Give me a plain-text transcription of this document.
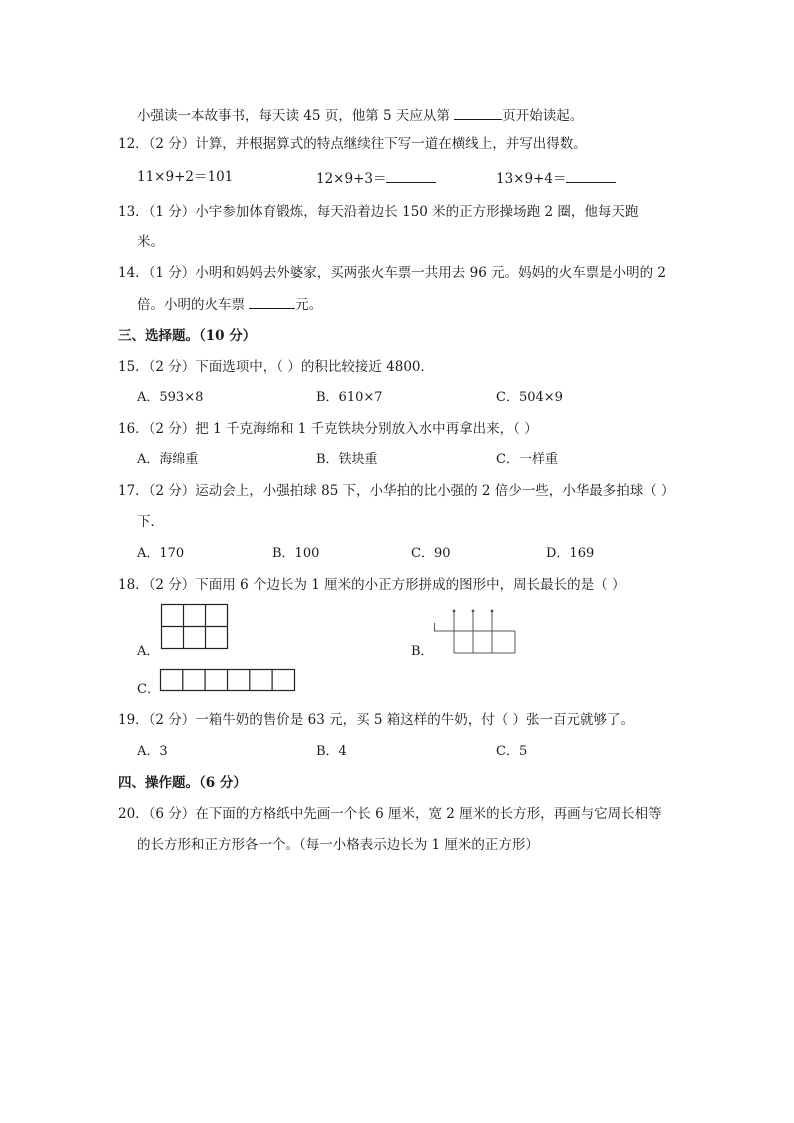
小强读一本故事书，每天读 45 页，他第 5 天应从第	页开始读起。
12．（2 分）计算，并根据算式的特点继续往下写一道在横线上，并写出得数。
11×9+2＝101	12×9+3＝	13×9+4＝
13．（1 分）小宇参加体育锻炼，每天沿着边长 150 米的正方形操场跑 2 圈，他每天跑
米。
14．（1 分）小明和妈妈去外婆家，买两张火车票一共用去 96 元。妈妈的火车票是小明的 2
倍。小明的火车票	元。
三、选择题。（10 分）
15．（2 分）下面选项中，（ ）的积比较接近 4800．
A．593×8	B．610×7	C．504×9
16．（2 分）把 1 千克海绵和 1 千克铁块分别放入水中再拿出来，（ ）
A．海绵重	B．铁块重	C．一样重
17．（2 分）运动会上，小强拍球 85 下，小华拍的比小强的 2 倍少一些，小华最多拍球（ ）
下．
A．170	B．100	C．90	D．169
18．（2 分）下面用 6 个边长为 1 厘米的小正方形拼成的图形中，周长最长的是（ ）
A．	B．
C．
19．（2 分）一箱牛奶的售价是 63 元，买 5 箱这样的牛奶，付（ ）张一百元就够了。
A．3	B．4	C．5
四、操作题。（6 分）
20．（6 分）在下面的方格纸中先画一个长 6 厘米，宽 2 厘米的长方形，再画与它周长相等
的长方形和正方形各一个。（每一小格表示边长为 1 厘米的正方形）
